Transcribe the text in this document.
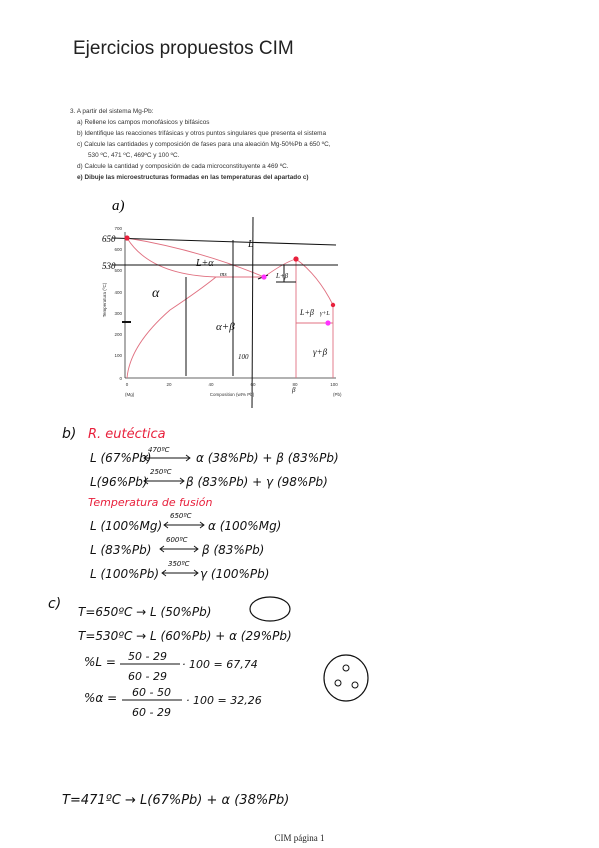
Ejercicios propuestos CIM
3. A partir del sistema Mg-Pb:
a) Rellene los campos monofásicos y bifásicos
b) Identifique las reacciones trifásicas y otros puntos singulares que presenta el sistema
c) Calcule las cantidades y composición de fases para una aleación Mg-50%Pb a 650 ºC,
530 ºC, 471 ºC, 469ºC y 100 ºC.
d) Calcule la cantidad y composición de cada microconstituyente a 469 ºC.
e) Dibuje las microestructuras formadas en las temperaturas del apartado c)
a)
0
100
200
300
400
500
600
700
Temperatura (ºC)
0	20	40	60	80	100
(Mg)	(Pb)
Composition (wt% Pb)
650
530
L
L+α
α
α+β
L+β
L+β
γ+β
γ+L
100
ms
β
b) R. eutéctica
L (67%Pb)
470ºC
α (38%Pb) + β (83%Pb)
L(96%Pb)
250ºC
β (83%Pb) + γ (98%Pb)
Temperatura de fusión
L (100%Mg)
650ºC
α (100%Mg)
L (83%Pb)
600ºC
β (83%Pb)
L (100%Pb)
350ºC
γ (100%Pb)
c) T=650ºC → L (50%Pb)
T=530ºC → L (60%Pb) + α (29%Pb)
%L = 50 - 29
60 - 29
· 100 = 67,74
%α = 60 - 50
60 - 29
· 100 = 32,26
T=471ºC → L(67%Pb) + α (38%Pb)
CIM página 1
